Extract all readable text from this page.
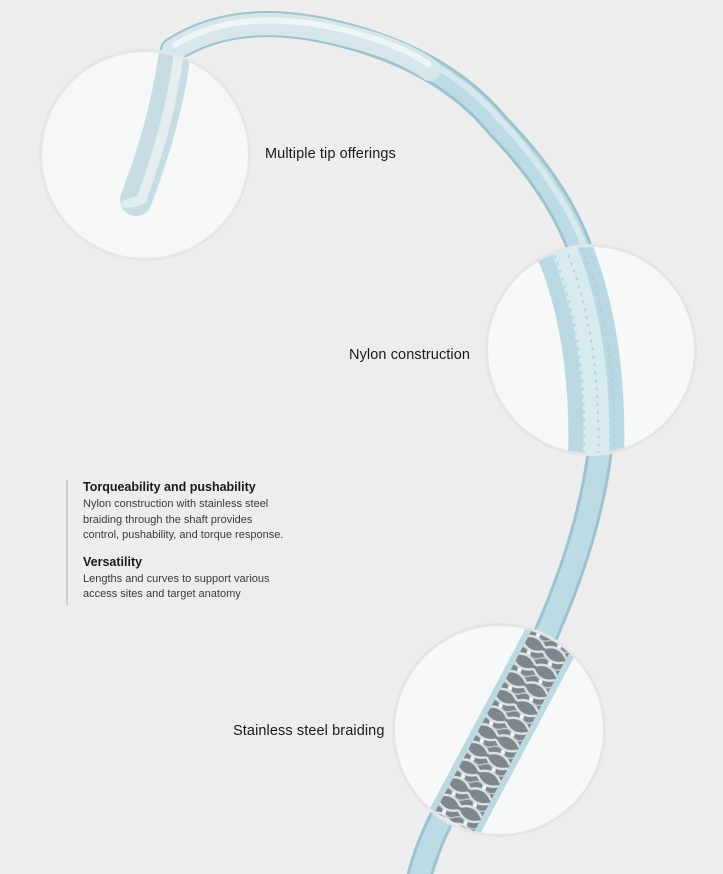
Multiple tip offerings
Nylon construction
Stainless steel braiding
Torqueability and pushability

Nylon construction with stainless steel
braiding through the shaft provides
control, pushability, and torque response.

Versatility

Lengths and curves to support various
access sites and target anatomy
